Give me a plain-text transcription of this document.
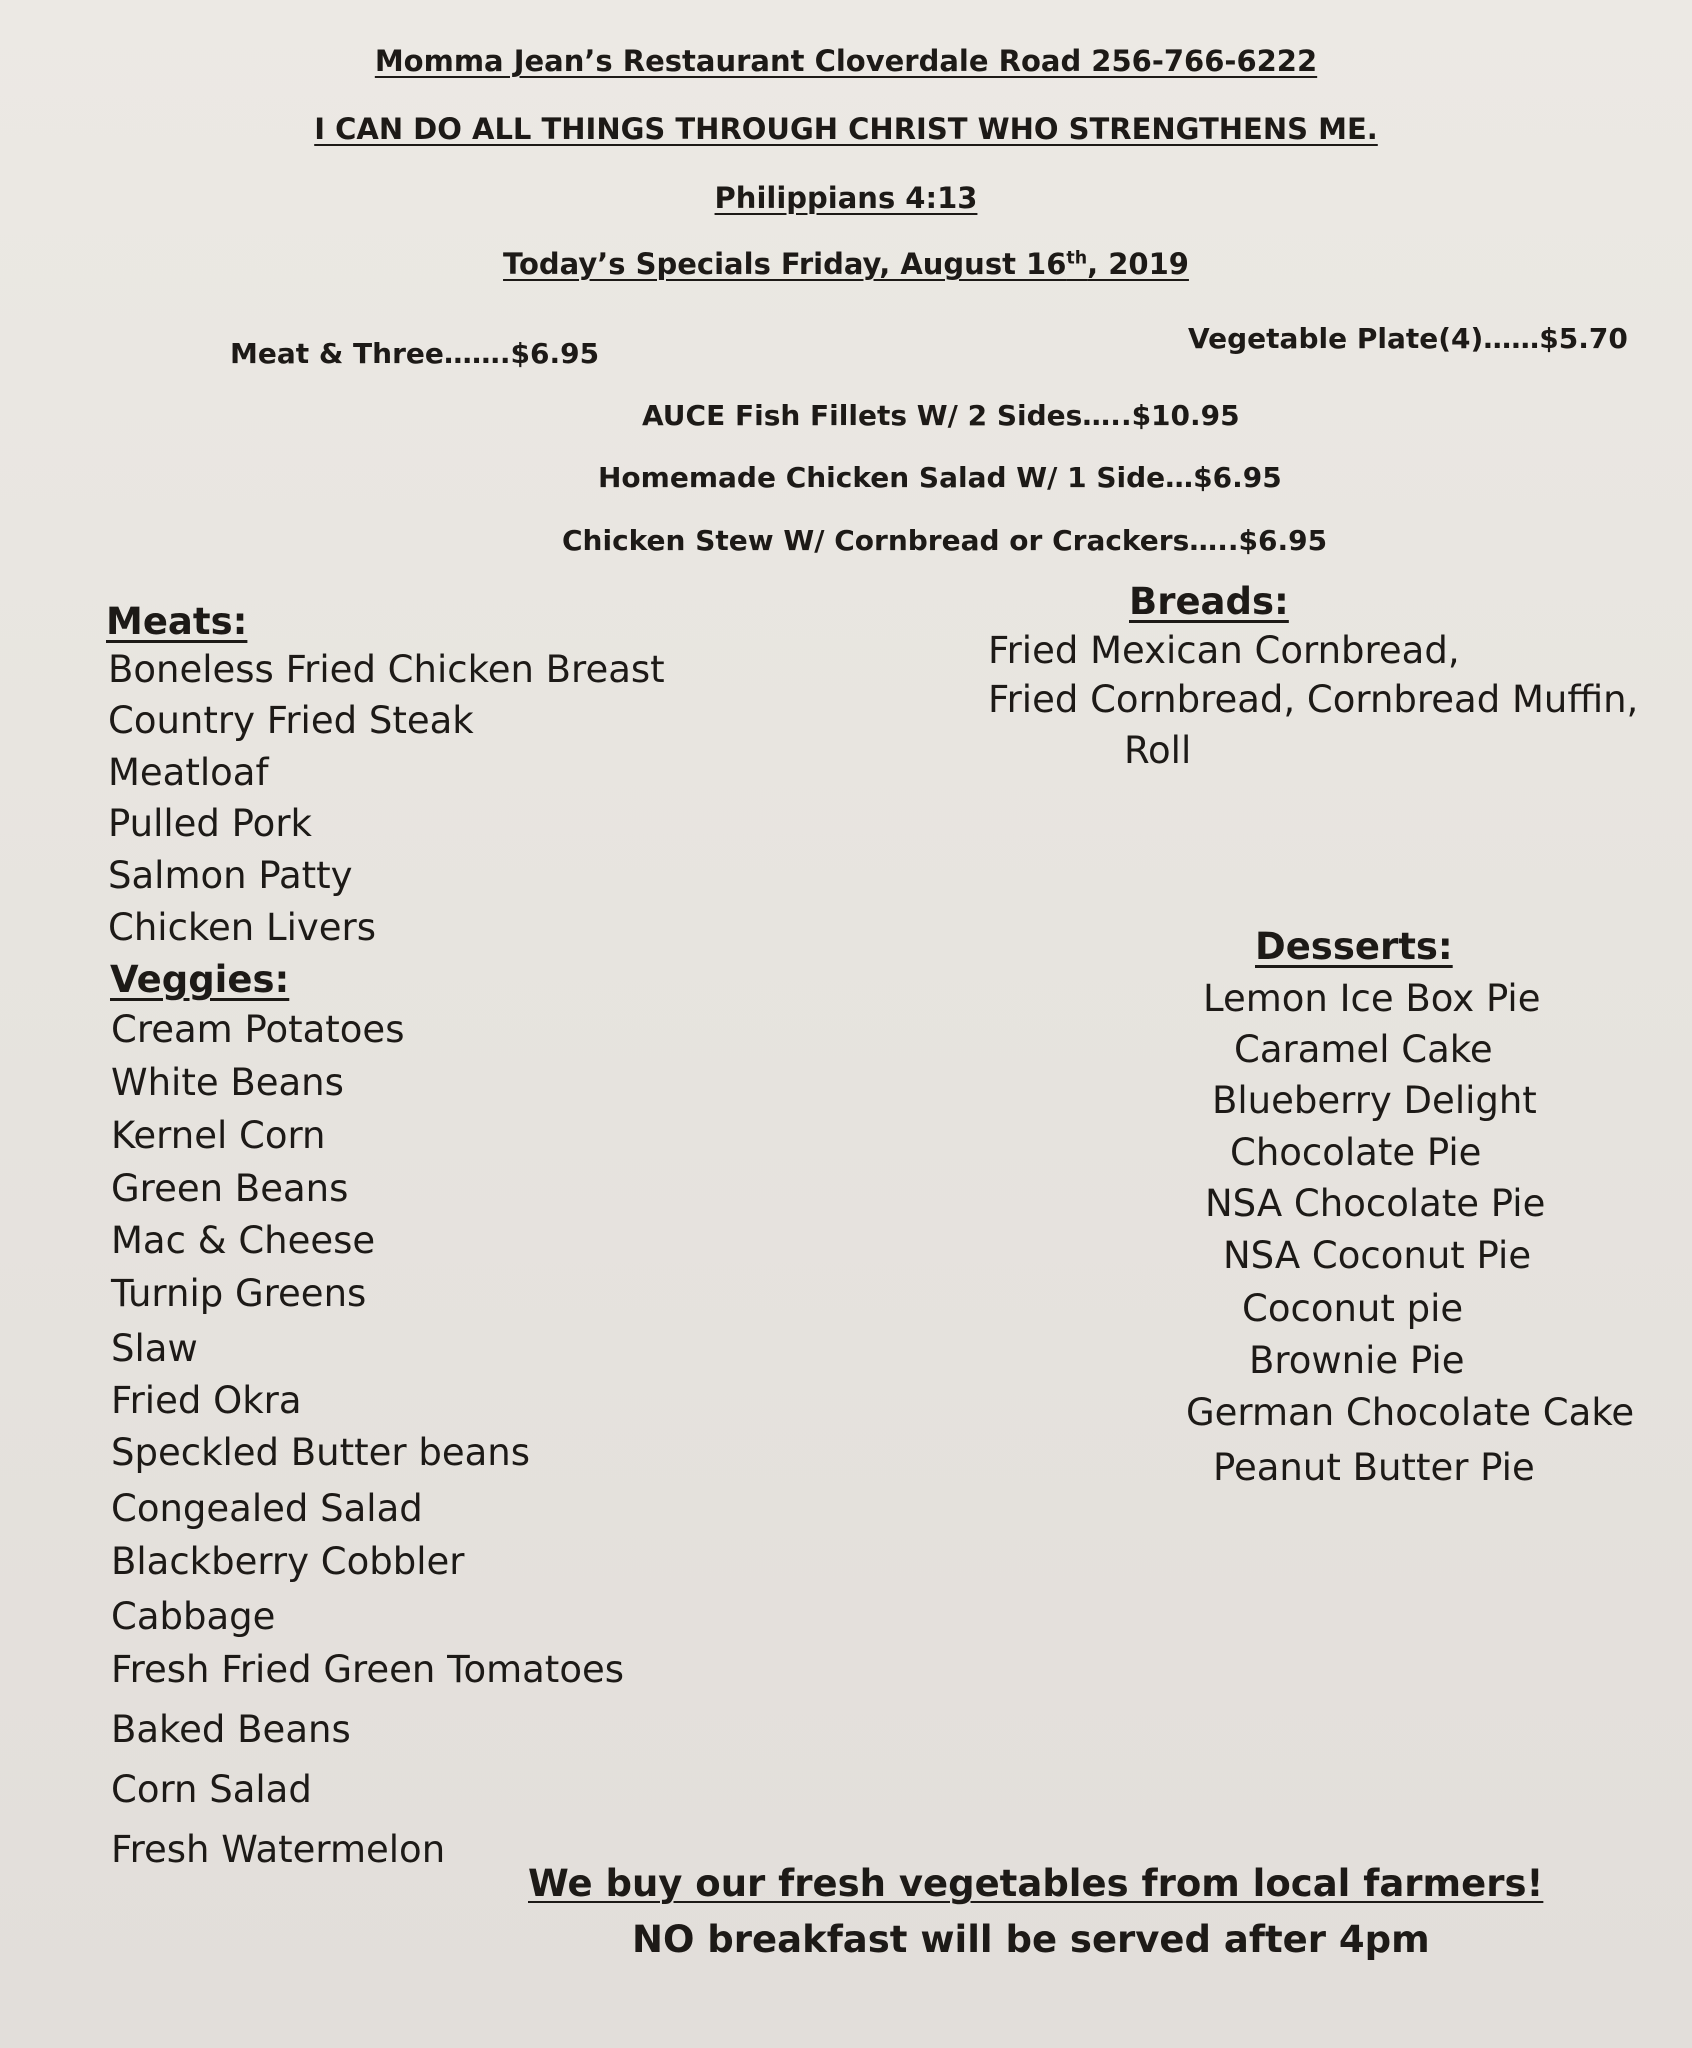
Momma Jean’s Restaurant Cloverdale Road 256-766-6222
I CAN DO ALL THINGS THROUGH CHRIST WHO STRENGTHENS ME.
Philippians 4:13
Today’s Specials Friday, August 16th, 2019
Meat & Three…….$6.95	Vegetable Plate(4)……$5.70
AUCE Fish Fillets W/ 2 Sides…..$10.95
Homemade Chicken Salad W/ 1 Side…$6.95
Chicken Stew W/ Cornbread or Crackers…..$6.95
Meats:
Boneless Fried Chicken Breast
Country Fried Steak
Meatloaf
Pulled Pork
Salmon Patty
Chicken Livers
Veggies:
Cream Potatoes
White Beans
Kernel Corn
Green Beans
Mac & Cheese
Turnip Greens
Slaw
Fried Okra
Speckled Butter beans
Congealed Salad
Blackberry Cobbler
Cabbage
Fresh Fried Green Tomatoes
Baked Beans
Corn Salad
Fresh Watermelon
Breads:
Fried Mexican Cornbread,
Fried Cornbread, Cornbread Muffin,
Roll
Desserts:
Lemon Ice Box Pie
Caramel Cake
Blueberry Delight
Chocolate Pie
NSA Chocolate Pie
NSA Coconut Pie
Coconut pie
Brownie Pie
German Chocolate Cake
Peanut Butter Pie
We buy our fresh vegetables from local farmers!
NO breakfast will be served after 4pm
